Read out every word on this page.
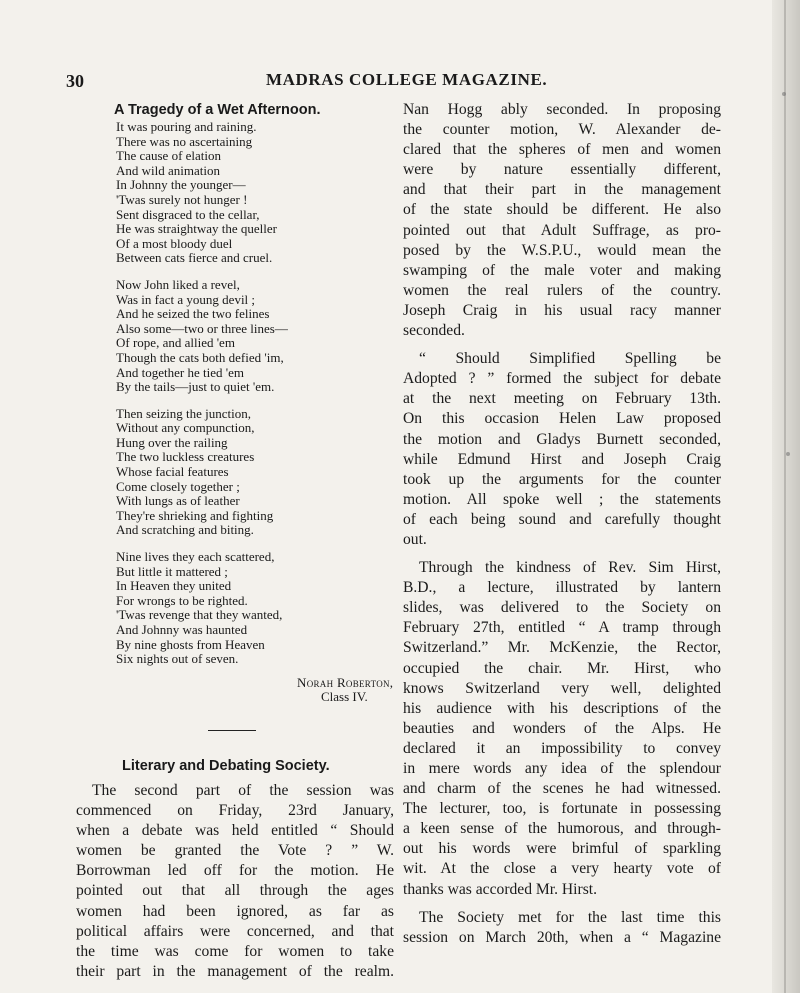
30	MADRAS COLLEGE MAGAZINE.
A Tragedy of a Wet Afternoon.
It was pouring and raining.
There was no ascertaining
The cause of elation
And wild animation
In Johnny the younger—
'Twas surely not hunger !
Sent disgraced to the cellar,
He was straightway the queller
Of a most bloody duel
Between cats fierce and cruel.
Now John liked a revel,
Was in fact a young devil ;
And he seized the two felines
Also some—two or three lines—
Of rope, and allied 'em
Though the cats both defied 'im,
And together he tied 'em
By the tails—just to quiet 'em.
Then seizing the junction,
Without any compunction,
Hung over the railing
The two luckless creatures
Whose facial features
Come closely together ;
With lungs as of leather
They're shrieking and fighting
And scratching and biting.
Nine lives they each scattered,
But little it mattered ;
In Heaven they united
For wrongs to be righted.
'Twas revenge that they wanted,
And Johnny was haunted
By nine ghosts from Heaven
Six nights out of seven.
Norah Roberton,
Class IV.
Literary and Debating Society.
The second part of the session was
commenced on Friday, 23rd January,
when a debate was held entitled “ Should
women be granted the Vote ? ” W.
Borrowman led off for the motion. He
pointed out that all through the ages
women had been ignored, as far as
political affairs were concerned, and that
the time was come for women to take
their part in the management of the realm.
Nan Hogg ably seconded. In proposing
the counter motion, W. Alexander de-
clared that the spheres of men and women
were by nature essentially different,
and that their part in the management
of the state should be different. He also
pointed out that Adult Suffrage, as pro-
posed by the W.S.P.U., would mean the
swamping of the male voter and making
women the real rulers of the country.
Joseph Craig in his usual racy manner
seconded.
“ Should Simplified Spelling be
Adopted ? ” formed the subject for debate
at the next meeting on February 13th.
On this occasion Helen Law proposed
the motion and Gladys Burnett seconded,
while Edmund Hirst and Joseph Craig
took up the arguments for the counter
motion. All spoke well ; the statements
of each being sound and carefully thought
out.
Through the kindness of Rev. Sim Hirst,
B.D., a lecture, illustrated by lantern
slides, was delivered to the Society on
February 27th, entitled “ A tramp through
Switzerland.” Mr. McKenzie, the Rector,
occupied the chair. Mr. Hirst, who
knows Switzerland very well, delighted
his audience with his descriptions of the
beauties and wonders of the Alps. He
declared it an impossibility to convey
in mere words any idea of the splendour
and charm of the scenes he had witnessed.
The lecturer, too, is fortunate in possessing
a keen sense of the humorous, and through-
out his words were brimful of sparkling
wit. At the close a very hearty vote of
thanks was accorded Mr. Hirst.
The Society met for the last time this
session on March 20th, when a “ Magazine
